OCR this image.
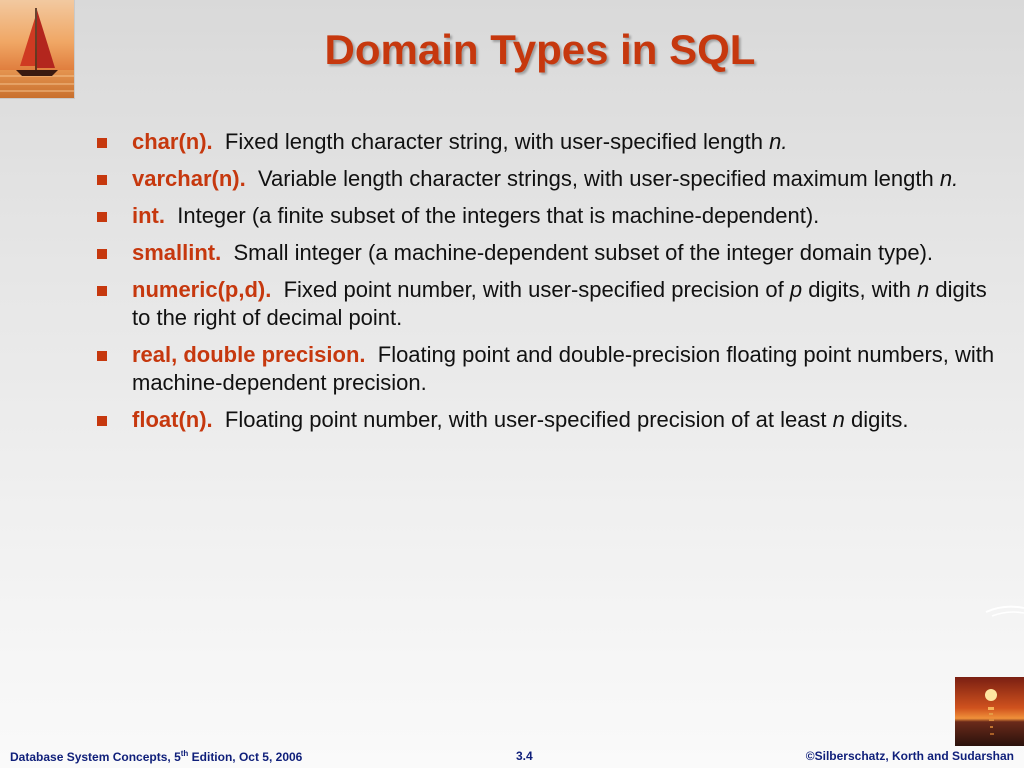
Domain Types in SQL
char(n). Fixed length character string, with user-specified length n.
varchar(n). Variable length character strings, with user-specified maximum length n.
int. Integer (a finite subset of the integers that is machine-dependent).
smallint. Small integer (a machine-dependent subset of the integer domain type).
numeric(p,d). Fixed point number, with user-specified precision of p digits, with n digits to the right of decimal point.
real, double precision. Floating point and double-precision floating point numbers, with machine-dependent precision.
float(n). Floating point number, with user-specified precision of at least n digits.
Database System Concepts, 5th Edition, Oct 5, 2006	3.4	©Silberschatz, Korth and Sudarshan
